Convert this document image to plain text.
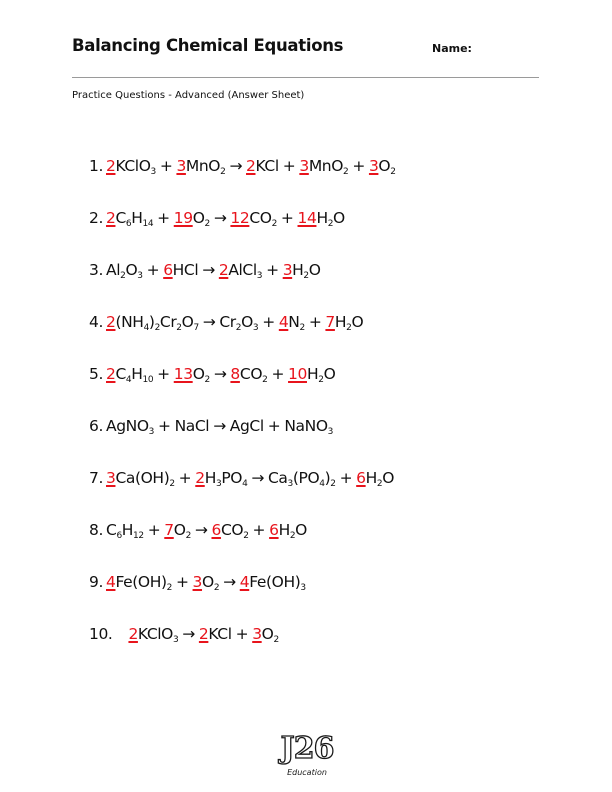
Balancing Chemical Equations	Name:
Practice Questions - Advanced (Answer Sheet)
1. 2KClO$_3$ + $3MnO_2 \to 2KCl + 3MnO_2 + 3O_2$
2. $2C_6H_{14} + 19O_2 \to 12CO_2 + 14H_2O$
3. $Al_2O_3 + 6HCl$ → 2AlCl$_3$ + $3H_2O$
4. $2(NH_4)_2Cr_2O_7 \to Cr_2O_3 + 4N_2 + 7H_2O$
5. $2C_4H_{10} + 13O_2 \to 8CO_2 + 10H_2O$
6. AgNO$_3$ + NaCl → AgCl + NaNO$_3$
7. $3Ca(OH)_2 + 2H_3PO_4 \to Ca_3(PO_4)_2 + 6H_2O$
8. $C_6H_{12} + 7O_2 \to 6CO_2 + 6H_2O$
9. $4Fe(OH)_2 + 3O_2 \to 4Fe(OH)_3$
10. 2KClO$_3$ → $2KCl + 3O_2$
J26
Education
